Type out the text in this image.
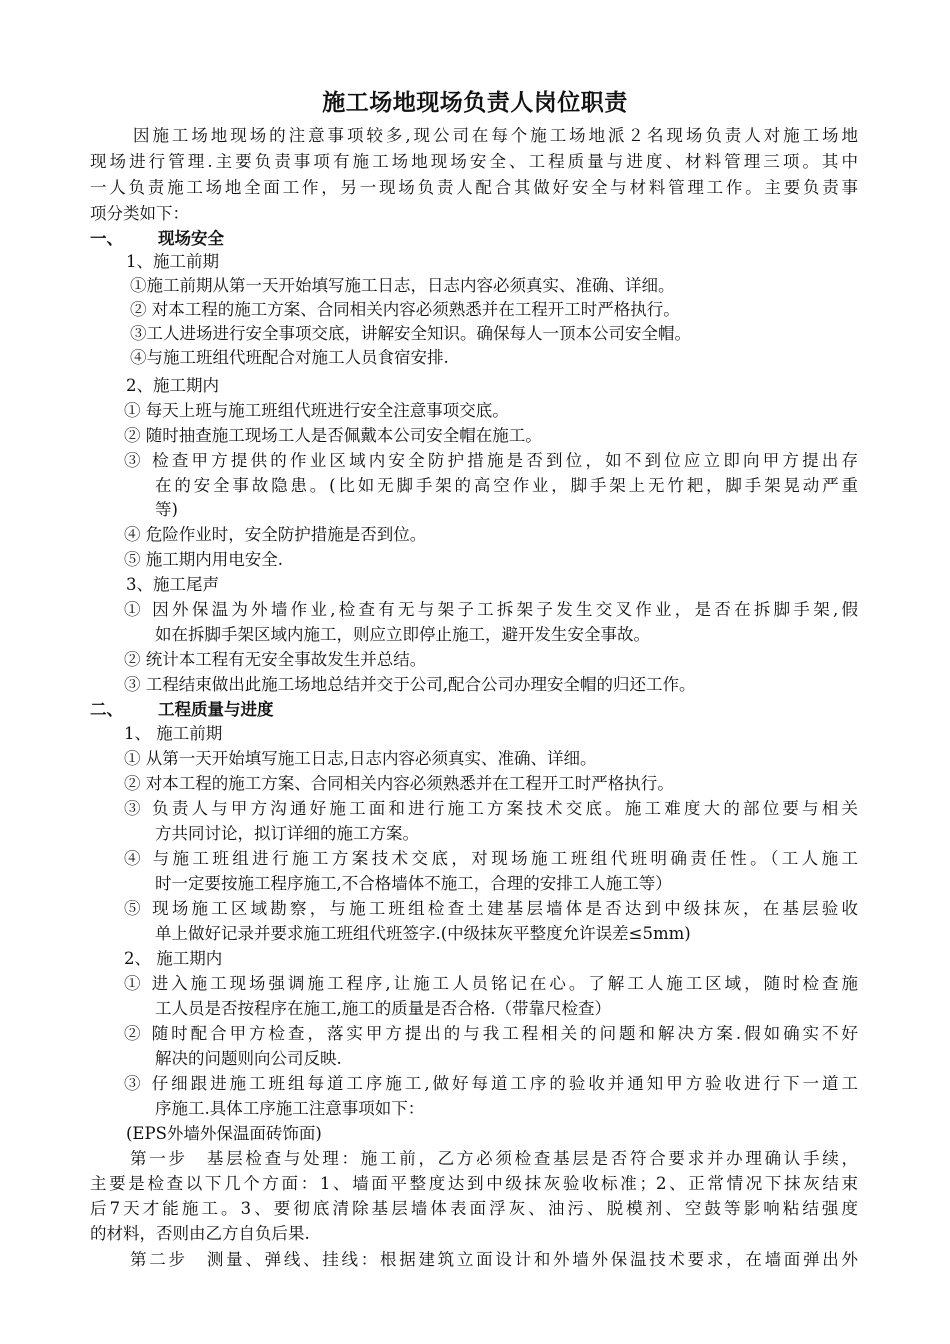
施工场地现场负责人岗位职责
因施工场地现场的注意事项较多,现公司在每个施工场地派２名现场负责人对施工场地
现场进行管理.主要负责事项有施工场地现场安全、工程质量与进度、材料管理三项。其中
一人负责施工场地全面工作，另一现场负责人配合其做好安全与材料管理工作。主要负责事
项分类如下：
一、 现场安全
1、施工前期
①施工前期从第一天开始填写施工日志，日志内容必须真实、准确、详细。
② 对本工程的施工方案、合同相关内容必须熟悉并在工程开工时严格执行。
③工人进场进行安全事项交底，讲解安全知识。确保每人一顶本公司安全帽。
④与施工班组代班配合对施工人员食宿安排.
2、施工期内
① 每天上班与施工班组代班进行安全注意事项交底。
② 随时抽查施工现场工人是否佩戴本公司安全帽在施工。
③ 检查甲方提供的作业区域内安全防护措施是否到位，如不到位应立即向甲方提出存
在的安全事故隐患。(比如无脚手架的高空作业，脚手架上无竹耙，脚手架晃动严重
等)
④ 危险作业时，安全防护措施是否到位。
⑤ 施工期内用电安全.
3、施工尾声
① 因外保温为外墙作业,检查有无与架子工拆架子发生交叉作业，是否在拆脚手架,假
如在拆脚手架区域内施工，则应立即停止施工，避开发生安全事故。
② 统计本工程有无安全事故发生并总结。
③ 工程结束做出此施工场地总结并交于公司,配合公司办理安全帽的归还工作。
二、 工程质量与进度
1、 施工前期
① 从第一天开始填写施工日志,日志内容必须真实、准确、详细。
② 对本工程的施工方案、合同相关内容必须熟悉并在工程开工时严格执行。
③ 负责人与甲方沟通好施工面和进行施工方案技术交底。施工难度大的部位要与相关
方共同讨论，拟订详细的施工方案。
④ 与施工班组进行施工方案技术交底，对现场施工班组代班明确责任性。（工人施工
时一定要按施工程序施工,不合格墙体不施工，合理的安排工人施工等）
⑤ 现场施工区域勘察，与施工班组检查土建基层墙体是否达到中级抹灰，在基层验收
单上做好记录并要求施工班组代班签字.(中级抹灰平整度允许误差≤5mm)
2、 施工期内
① 进入施工现场强调施工程序,让施工人员铭记在心。了解工人施工区域，随时检查施
工人员是否按程序在施工,施工的质量是否合格.（带靠尺检查）
② 随时配合甲方检查，落实甲方提出的与我工程相关的问题和解决方案.假如确实不好
解决的问题则向公司反映.
③ 仔细跟进施工班组每道工序施工,做好每道工序的验收并通知甲方验收进行下一道工
序施工.具体工序施工注意事项如下：
(EPS外墙外保温面砖饰面)
第一步　基层检查与处理：施工前，乙方必须检查基层是否符合要求并办理确认手续，
主要是检查以下几个方面：1、墙面平整度达到中级抹灰验收标准；2、正常情况下抹灰结束
后7天才能施工。3、要彻底清除基层墙体表面浮灰、油污、脱模剂、空鼓等影响粘结强度
的材料，否则由乙方自负后果.
第二步　测量、弹线、挂线：根据建筑立面设计和外墙外保温技术要求，在墙面弹出外
